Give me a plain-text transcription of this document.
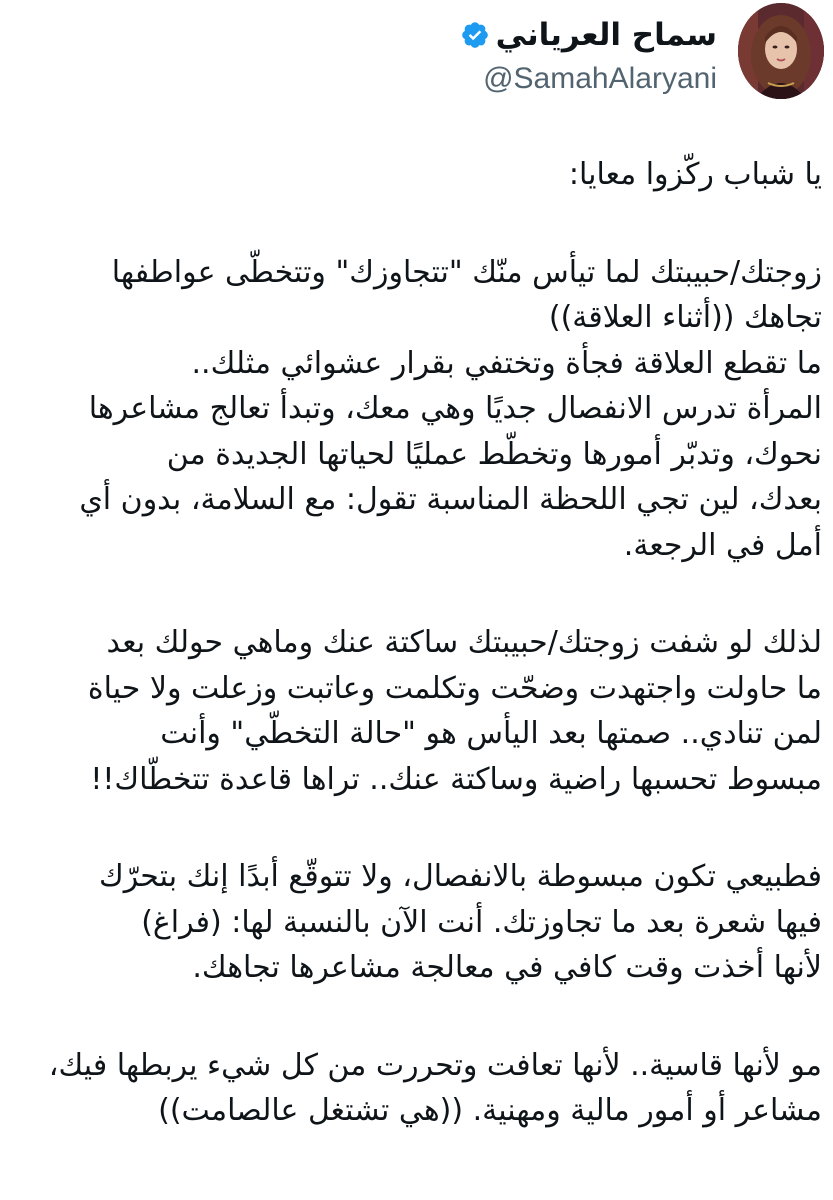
سماح العرياني
@SamahAlaryani
يا شباب ركّزوا معايا:
زوجتك/حبيبتك لما تيأس منّك "تتجاوزك" وتتخطّى عواطفها
تجاهك ((أثناء العلاقة))
ما تقطع العلاقة فجأة وتختفي بقرار عشوائي مثلك..
المرأة تدرس الانفصال جديًا وهي معك، وتبدأ تعالج مشاعرها
نحوك، وتدبّر أمورها وتخطّط عمليًا لحياتها الجديدة من
بعدك، لين تجي اللحظة المناسبة تقول: مع السلامة، بدون أي
أمل في الرجعة.
لذلك لو شفت زوجتك/حبيبتك ساكتة عنك وماهي حولك بعد
ما حاولت واجتهدت وضحّت وتكلمت وعاتبت وزعلت ولا حياة
لمن تنادي.. صمتها بعد اليأس هو "حالة التخطّي" وأنت
مبسوط تحسبها راضية وساكتة عنك.. تراها قاعدة تتخطّاك!!
فطبيعي تكون مبسوطة بالانفصال، ولا تتوقّع أبدًا إنك بتحرّك
فيها شعرة بعد ما تجاوزتك. أنت الآن بالنسبة لها: (فراغ)
لأنها أخذت وقت كافي في معالجة مشاعرها تجاهك.
مو لأنها قاسية.. لأنها تعافت وتحررت من كل شيء يربطها فيك،
مشاعر أو أمور مالية ومهنية. ((هي تشتغل عالصامت))
